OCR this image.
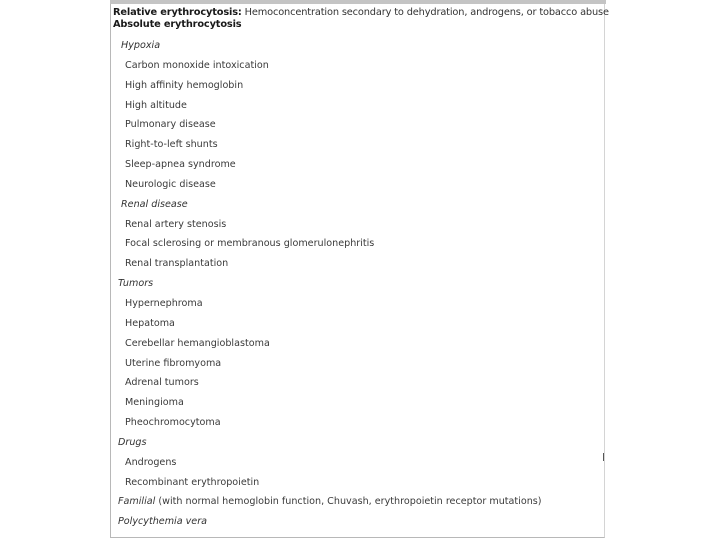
Relative erythrocytosis: Hemoconcentration secondary to dehydration, androgens, or tobacco abuse
Absolute erythrocytosis
Hypoxia
Carbon monoxide intoxication
High affinity hemoglobin
High altitude
Pulmonary disease
Right-to-left shunts
Sleep-apnea syndrome
Neurologic disease
Renal disease
Renal artery stenosis
Focal sclerosing or membranous glomerulonephritis
Renal transplantation
Tumors
Hypernephroma
Hepatoma
Cerebellar hemangioblastoma
Uterine fibromyoma
Adrenal tumors
Meningioma
Pheochromocytoma
Drugs
Androgens
Recombinant erythropoietin
Familial (with normal hemoglobin function, Chuvash, erythropoietin receptor mutations)
Polycythemia vera
